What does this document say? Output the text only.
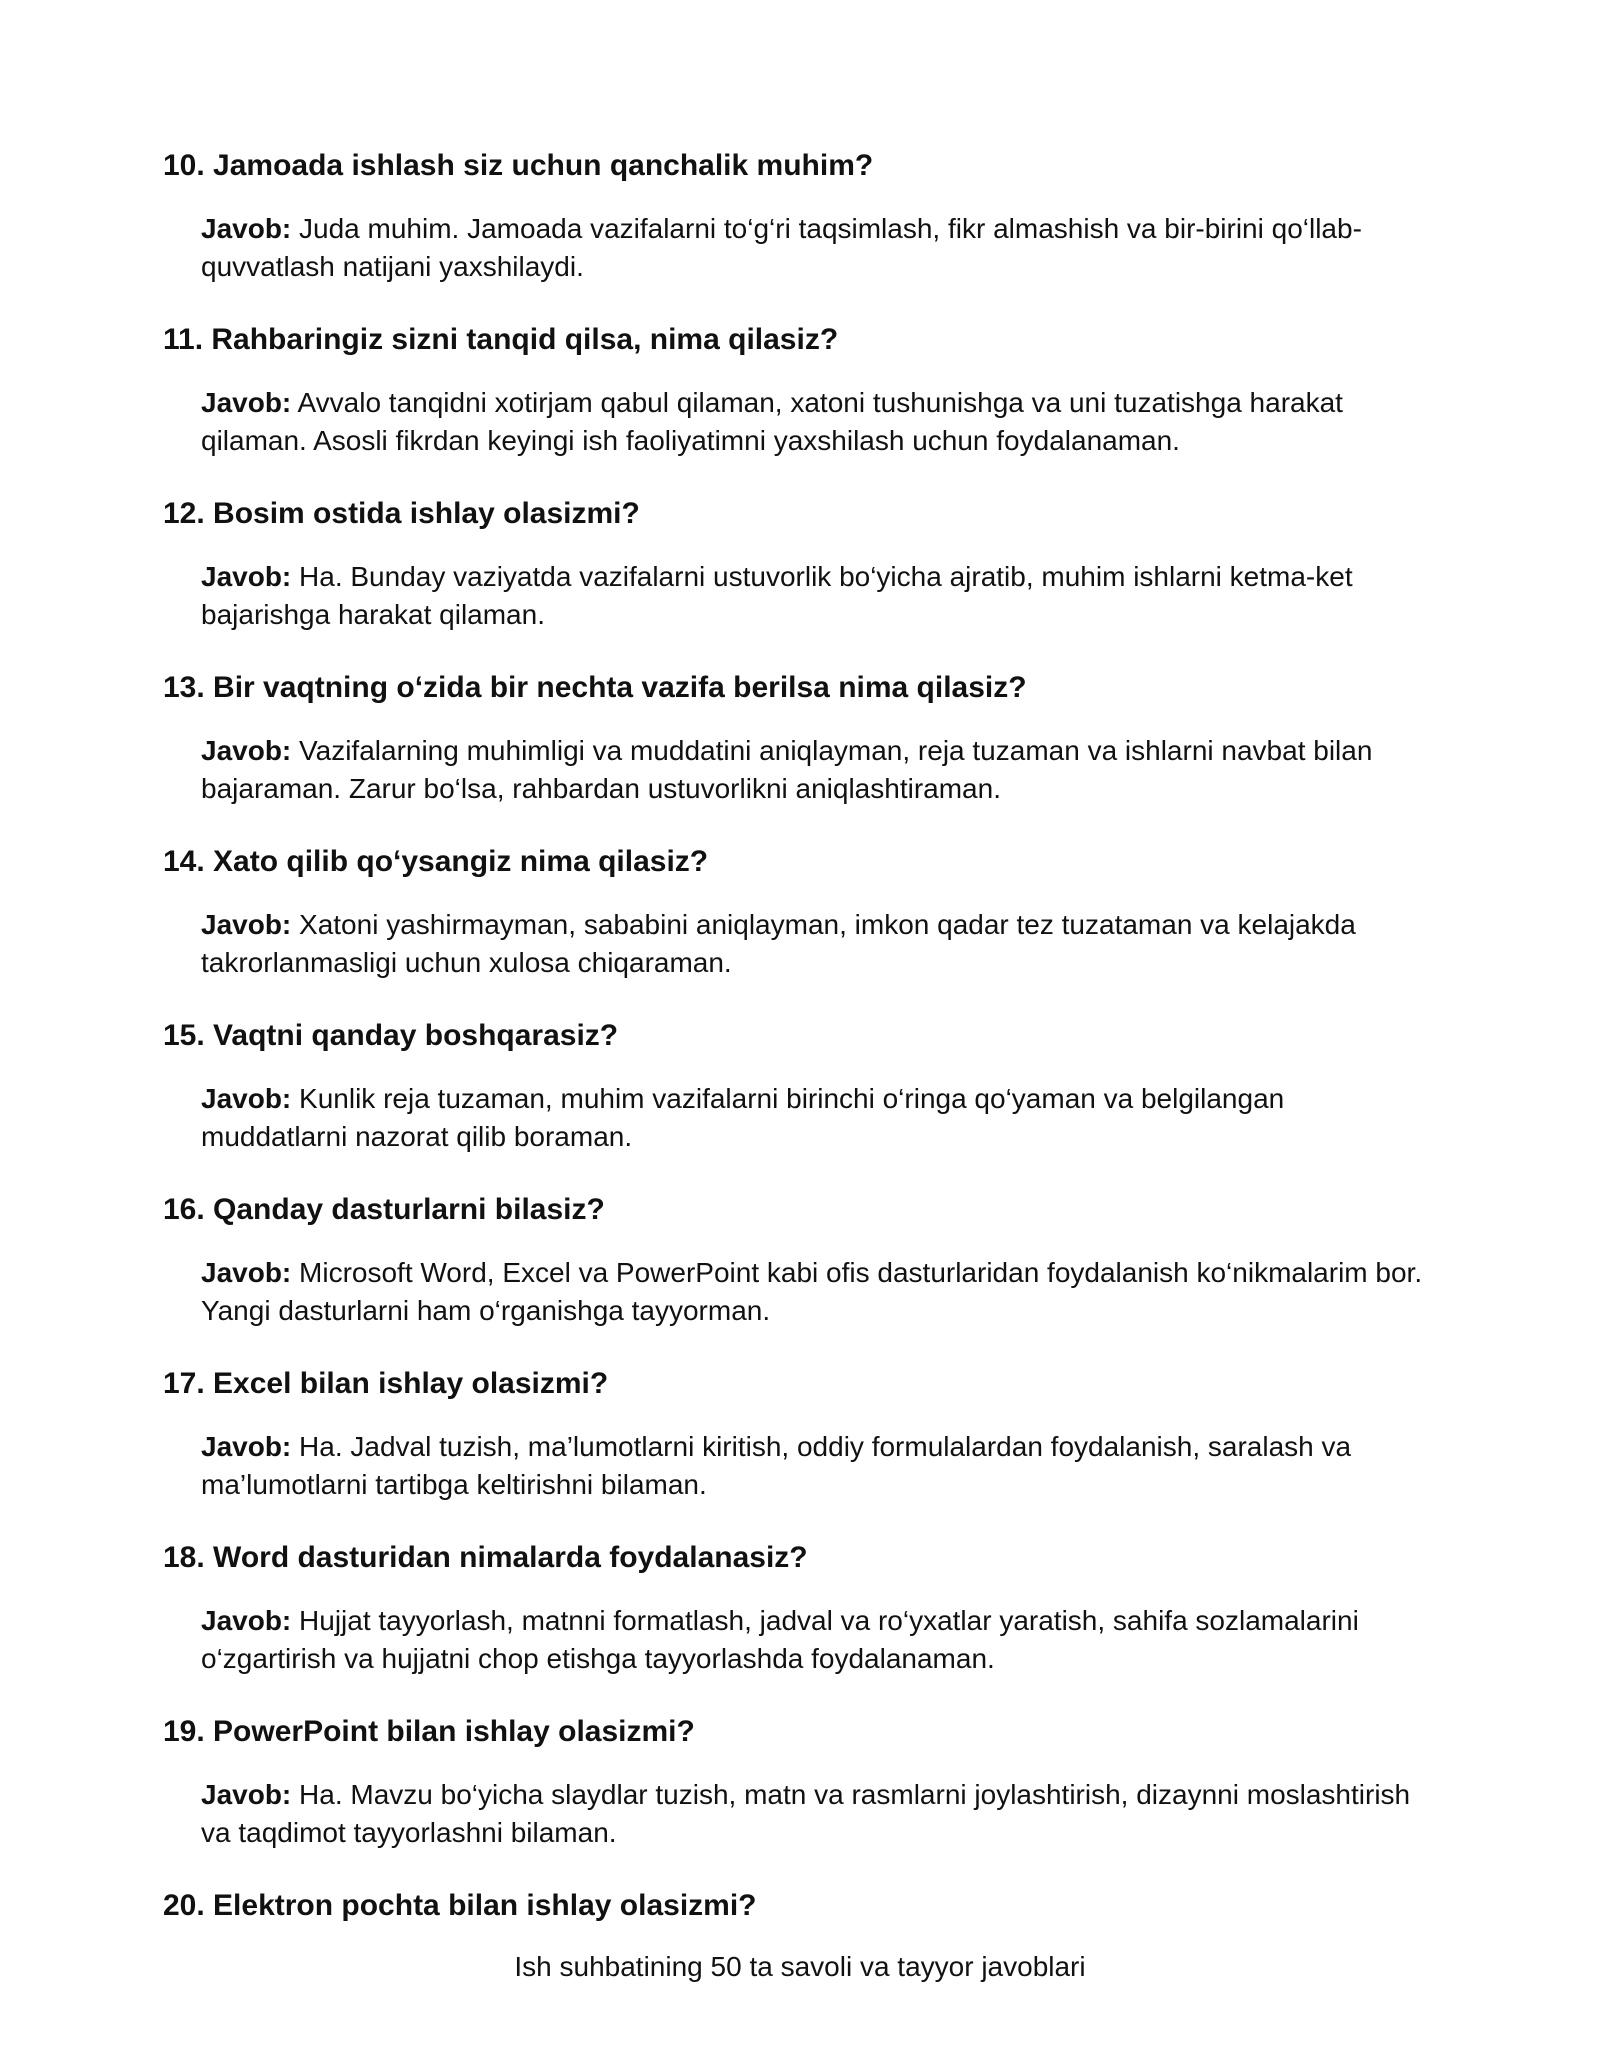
10. Jamoada ishlash siz uchun qanchalik muhim?
Javob: Juda muhim. Jamoada vazifalarni to‘g‘ri taqsimlash, fikr almashish va bir-birini qo‘llab-quvvatlash natijani yaxshilaydi.
11. Rahbaringiz sizni tanqid qilsa, nima qilasiz?
Javob: Avvalo tanqidni xotirjam qabul qilaman, xatoni tushunishga va uni tuzatishga harakat qilaman. Asosli fikrdan keyingi ish faoliyatimni yaxshilash uchun foydalanaman.
12. Bosim ostida ishlay olasizmi?
Javob: Ha. Bunday vaziyatda vazifalarni ustuvorlik bo‘yicha ajratib, muhim ishlarni ketma-ket bajarishga harakat qilaman.
13. Bir vaqtning o‘zida bir nechta vazifa berilsa nima qilasiz?
Javob: Vazifalarning muhimligi va muddatini aniqlayman, reja tuzaman va ishlarni navbat bilan bajaraman. Zarur bo‘lsa, rahbardan ustuvorlikni aniqlashtiraman.
14. Xato qilib qo‘ysangiz nima qilasiz?
Javob: Xatoni yashirmayman, sababini aniqlayman, imkon qadar tez tuzataman va kelajakda takrorlanmasligi uchun xulosa chiqaraman.
15. Vaqtni qanday boshqarasiz?
Javob: Kunlik reja tuzaman, muhim vazifalarni birinchi o‘ringa qo‘yaman va belgilangan muddatlarni nazorat qilib boraman.
16. Qanday dasturlarni bilasiz?
Javob: Microsoft Word, Excel va PowerPoint kabi ofis dasturlaridan foydalanish ko‘nikmalarim bor. Yangi dasturlarni ham o‘rganishga tayyorman.
17. Excel bilan ishlay olasizmi?
Javob: Ha. Jadval tuzish, ma’lumotlarni kiritish, oddiy formulalardan foydalanish, saralash va ma’lumotlarni tartibga keltirishni bilaman.
18. Word dasturidan nimalarda foydalanasiz?
Javob: Hujjat tayyorlash, matnni formatlash, jadval va ro‘yxatlar yaratish, sahifa sozlamalarini o‘zgartirish va hujjatni chop etishga tayyorlashda foydalanaman.
19. PowerPoint bilan ishlay olasizmi?
Javob: Ha. Mavzu bo‘yicha slaydlar tuzish, matn va rasmlarni joylashtirish, dizaynni moslashtirish va taqdimot tayyorlashni bilaman.
20. Elektron pochta bilan ishlay olasizmi?
Ish suhbatining 50 ta savoli va tayyor javoblari
